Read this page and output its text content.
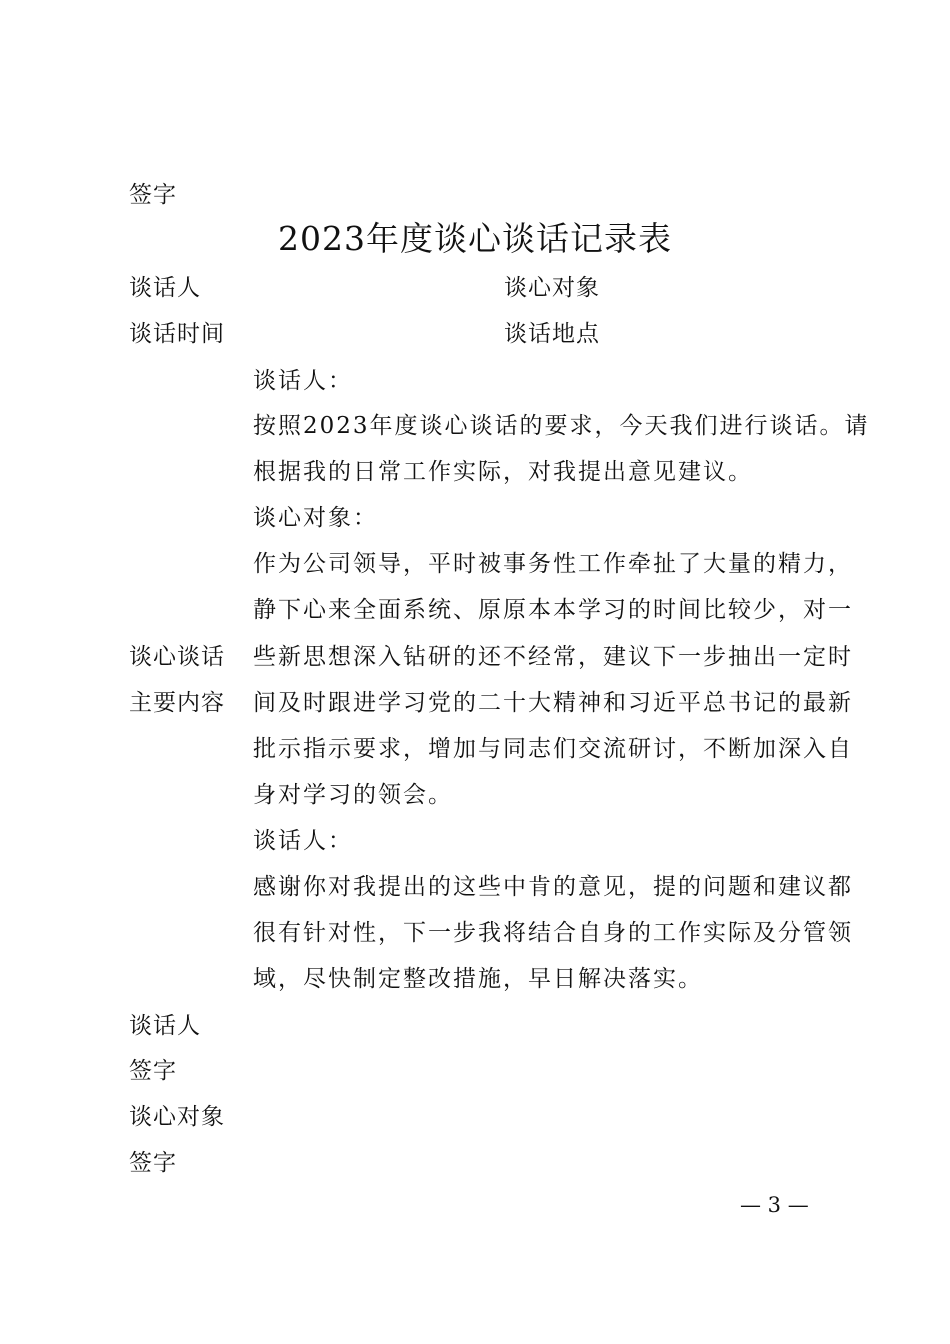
签字
2023年度谈心谈话记录表
谈话人	谈心对象
谈话时间	谈话地点
谈心谈话
主要内容
谈话人：
按照2023年度谈心谈话的要求，今天我们进行谈话。请
根据我的日常工作实际，对我提出意见建议。
谈心对象：
作为公司领导，平时被事务性工作牵扯了大量的精力，
静下心来全面系统、原原本本学习的时间比较少，对一
些新思想深入钻研的还不经常，建议下一步抽出一定时
间及时跟进学习党的二十大精神和习近平总书记的最新
批示指示要求，增加与同志们交流研讨，不断加深入自
身对学习的领会。
谈话人：
感谢你对我提出的这些中肯的意见，提的问题和建议都
很有针对性，下一步我将结合自身的工作实际及分管领
域，尽快制定整改措施，早日解决落实。
谈话人
签字
谈心对象
签字
— 3 —
